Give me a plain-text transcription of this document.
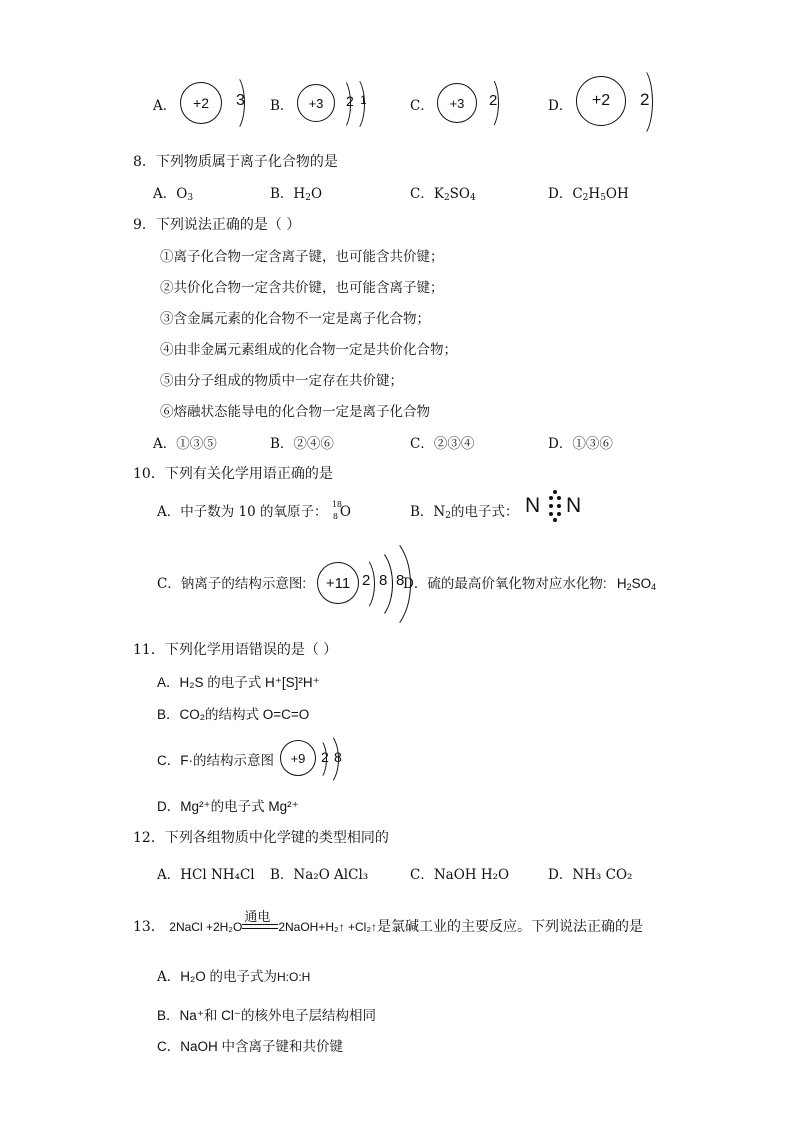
A． +2 3 B． +3 2 1	C． +3 2	D． +2 2
8．下列物质属于离子化合物的是
A．$O_3$	B．$H_2O$	C．$K_2SO_4$	D．$C_2H_5OH$
9．下列说法正确的是（ ）
①离子化合物一定含离子键，也可能含共价键；
②共价化合物一定含共价键，也可能含离子键；
③含金属元素的化合物不一定是离子化合物；
④由非金属元素组成的化合物一定是共价化合物；
⑤由分子组成的物质中一定存在共价键；
⑥熔融状态能导电的化合物一定是离子化合物
A．①③⑤	B．②④⑥	C．②③④	D．①③⑥
10．下列有关化学用语正确的是
A．中子数为 10 的氧原子： 18
8 O	B．$N_2$的电子式： N N
C．钠离子的结构示意图: +11 2 8 8
D．硫的最高价氧化物对应水化物: $H_2SO_4$
11．下列化学用语错误的是（ ）
A．H₂S 的电子式 H⁺[S]²H⁺
B．CO₂的结构式 O=C=O
C．F·的结构示意图 +9 2 8
D．Mg²⁺的电子式 Mg²⁺
12．下列各组物质中化学键的类型相同的
A．HCl NH₄Cl B．Na₂O AlCl₃	C．NaOH H₂O	D．NH₃ CO₂
13． 2NaCl +2H₂O
通电
2NaOH+H₂↑ +Cl₂↑是氯碱工业的主要反应。下列说法正确的是
A．H₂O 的电子式为H:O:H
B．Na⁺和 Cl⁻的核外电子层结构相同
C．NaOH 中含离子键和共价键
